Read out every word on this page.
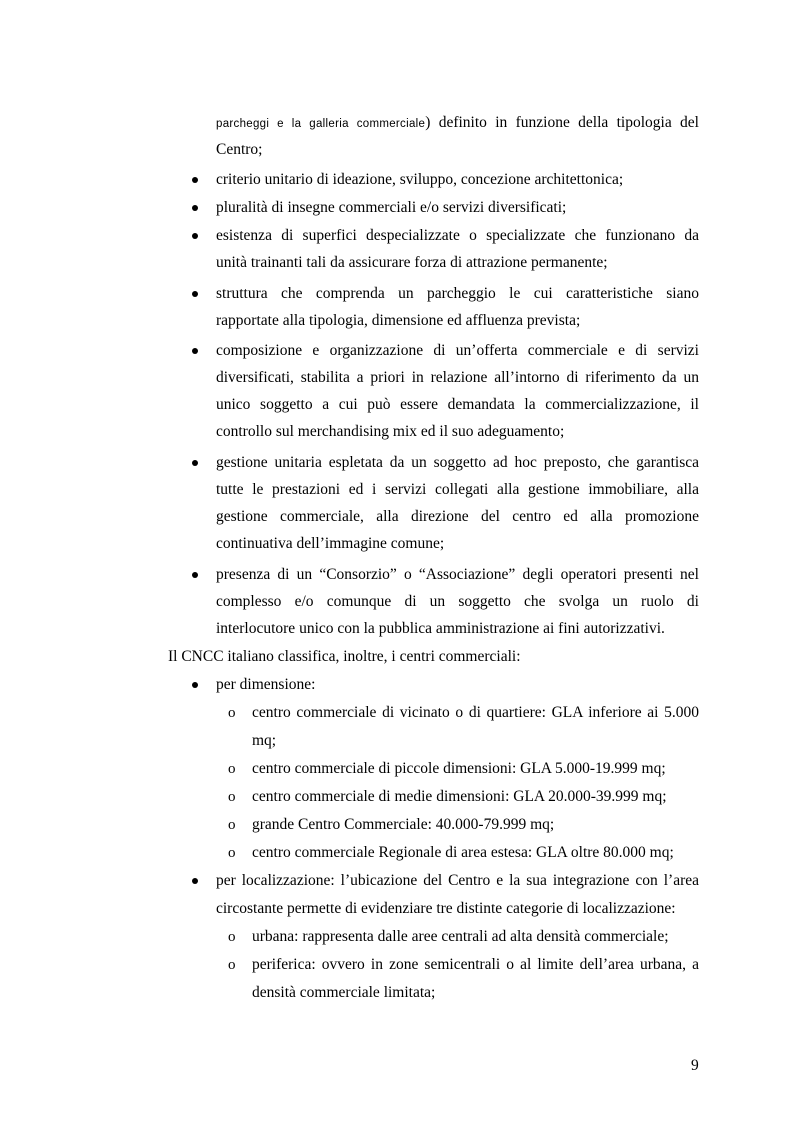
parcheggi e la galleria commerciale) definito in funzione della tipologia del
Centro;
criterio unitario di ideazione, sviluppo, concezione architettonica;
pluralità di insegne commerciali e/o servizi diversificati;
esistenza di superfici despecializzate o specializzate che funzionano da
unità trainanti tali da assicurare forza di attrazione permanente;
struttura che comprenda un parcheggio le cui caratteristiche siano
rapportate alla tipologia, dimensione ed affluenza prevista;
composizione e organizzazione di un’offerta commerciale e di servizi
diversificati, stabilita a priori in relazione all’intorno di riferimento da un
unico soggetto a cui può essere demandata la commercializzazione, il
controllo sul merchandising mix ed il suo adeguamento;
gestione unitaria espletata da un soggetto ad hoc preposto, che garantisca
tutte le prestazioni ed i servizi collegati alla gestione immobiliare, alla
gestione commerciale, alla direzione del centro ed alla promozione
continuativa dell’immagine comune;
presenza di un “Consorzio” o “Associazione” degli operatori presenti nel
complesso e/o comunque di un soggetto che svolga un ruolo di
interlocutore unico con la pubblica amministrazione ai fini autorizzativi.
Il CNCC italiano classifica, inoltre, i centri commerciali:
per dimensione:
o centro commerciale di vicinato o di quartiere: GLA inferiore ai 5.000
mq;
o centro commerciale di piccole dimensioni: GLA 5.000-19.999 mq;
o centro commerciale di medie dimensioni: GLA 20.000-39.999 mq;
o grande Centro Commerciale: 40.000-79.999 mq;
o centro commerciale Regionale di area estesa: GLA oltre 80.000 mq;
per localizzazione: l’ubicazione del Centro e la sua integrazione con l’area
circostante permette di evidenziare tre distinte categorie di localizzazione:
o urbana: rappresenta dalle aree centrali ad alta densità commerciale;
o periferica: ovvero in zone semicentrali o al limite dell’area urbana, a
densità commerciale limitata;
9
